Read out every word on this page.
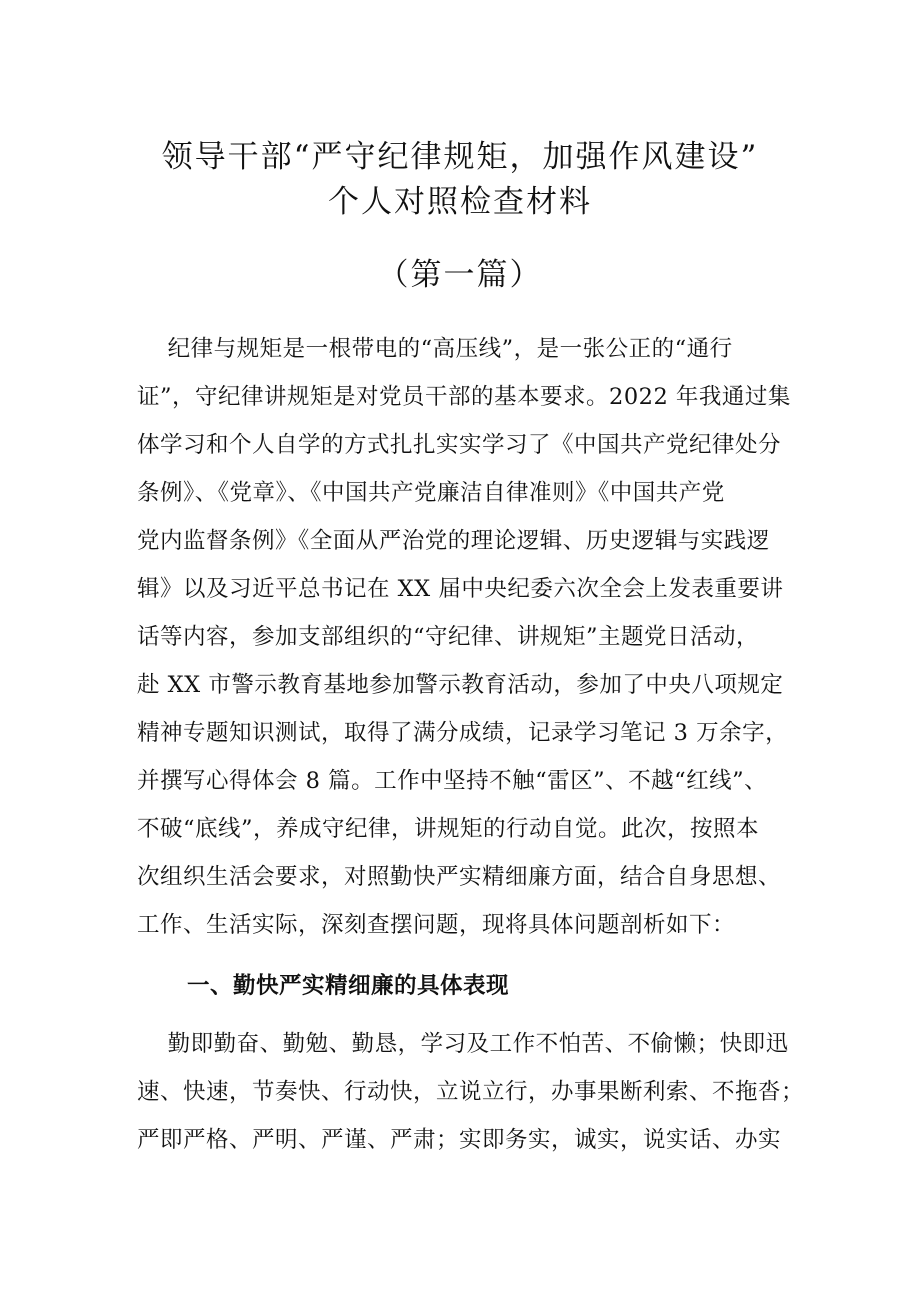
领导干部“严守纪律规矩，加强作风建设”
个人对照检查材料
（第一篇）
纪律与规矩是一根带电的“高压线”，是一张公正的“通行
证”，守纪律讲规矩是对党员干部的基本要求。2022 年我通过集
体学习和个人自学的方式扎扎实实学习了《中国共产党纪律处分
条例》、《党章》、《中国共产党廉洁自律准则》《中国共产党
党内监督条例》《全面从严治党的理论逻辑、历史逻辑与实践逻
辑》以及习近平总书记在 XX 届中央纪委六次全会上发表重要讲
话等内容，参加支部组织的“守纪律、讲规矩”主题党日活动，
赴 XX 市警示教育基地参加警示教育活动，参加了中央八项规定
精神专题知识测试，取得了满分成绩，记录学习笔记 3 万余字，
并撰写心得体会 8 篇。工作中坚持不触“雷区”、不越“红线”、
不破“底线”，养成守纪律，讲规矩的行动自觉。此次，按照本
次组织生活会要求，对照勤快严实精细廉方面，结合自身思想、
工作、生活实际，深刻查摆问题，现将具体问题剖析如下：
一、勤快严实精细廉的具体表现
勤即勤奋、勤勉、勤恳，学习及工作不怕苦、不偷懒；快即迅
速、快速，节奏快、行动快，立说立行，办事果断利索、不拖沓；
严即严格、严明、严谨、严肃；实即务实，诚实，说实话、办实
